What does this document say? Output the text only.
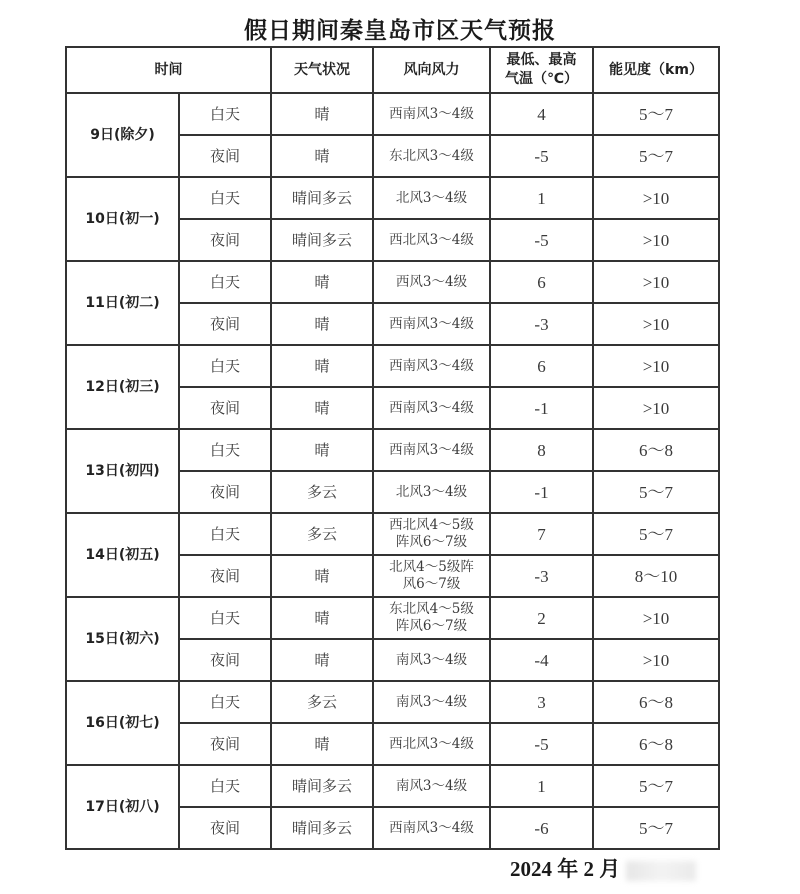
假日期间秦皇岛市区天气预报
时间		天气状况	风向风力	最低、最高
气温（℃）	能见度（km）
9日(除夕)	白天	晴	西南风3～4级	4	5～7
	夜间	晴	东北风3～4级	-5	5～7
10日(初一)	白天	晴间多云	北风3～4级	1	>10
	夜间	晴间多云	西北风3～4级	-5	>10
11日(初二)	白天	晴	西风3～4级	6	>10
	夜间	晴	西南风3～4级	-3	>10
12日(初三)	白天	晴	西南风3～4级	6	>10
	夜间	晴	西南风3～4级	-1	>10
13日(初四)	白天	晴	西南风3～4级	8	6～8
	夜间	多云	北风3～4级	-1	5～7
14日(初五)	白天	多云	西北风4～5级
阵风6～7级	7	5～7
	夜间	晴	北风4～5级阵
风6～7级	-3	8～10
15日(初六)	白天	晴	东北风4～5级
阵风6～7级	2	>10
	夜间	晴	南风3～4级	-4	>10
16日(初七)	白天	多云	南风3～4级	3	6～8
	夜间	晴	西北风3～4级	-5	6～8
17日(初八)	白天	晴间多云	南风3～4级	1	5～7
	夜间	晴间多云	西南风3～4级	-6	5～7
2024 年 2 月
